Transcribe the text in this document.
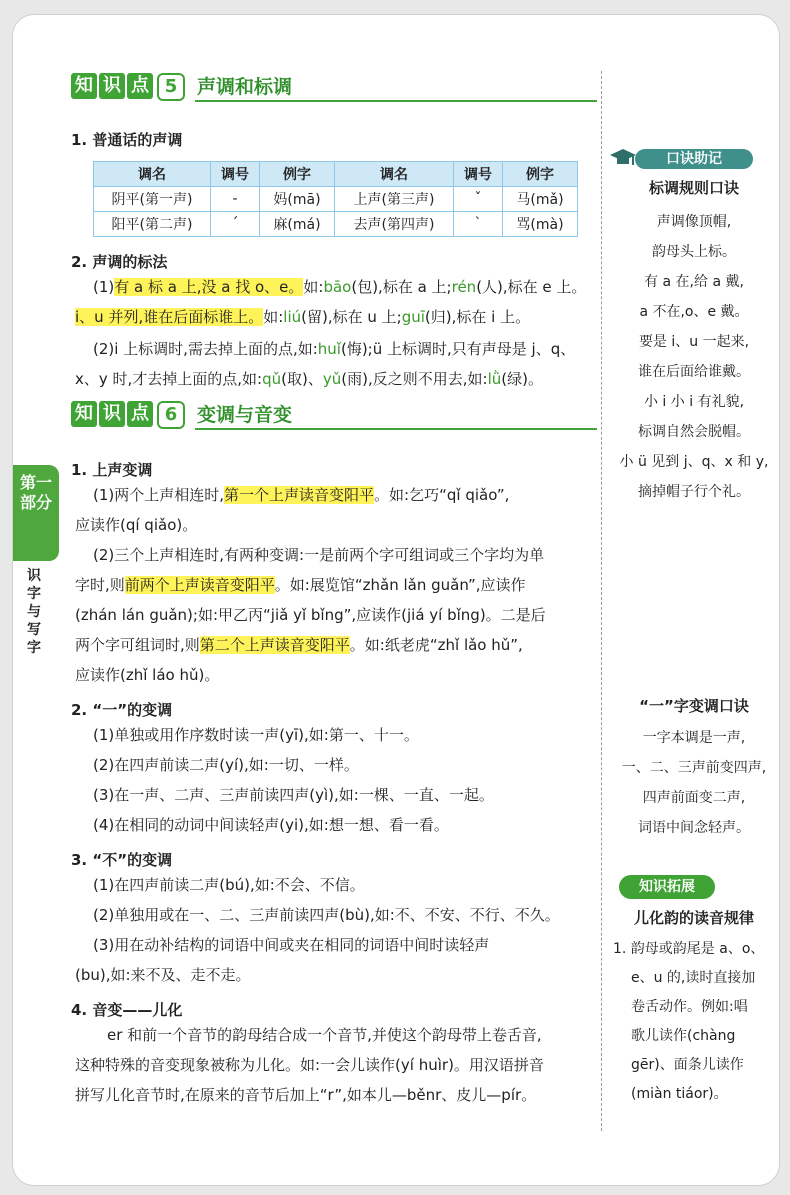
第一部分
识字与写字
知 识 点 5 声调和标调
1. 普通话的声调
调名	调号	例字	调名	调号	例字
阴平(第一声)	-	妈(mā)	上声(第三声)	ˇ	马(mǎ)
阳平(第二声)	ˊ	麻(má)	去声(第四声)	ˋ	骂(mà)
2. 声调的标法
(1)有 a 标 a 上,没 a 找 o、e。如:bāo(包),标在 a 上;rén(人),标在 e 上。
i、u 并列,谁在后面标谁上。如:liú(留),标在 u 上;guī(归),标在 i 上。
(2)i 上标调时,需去掉上面的点,如:huǐ(悔);ü 上标调时,只有声母是 j、q、
x、y 时,才去掉上面的点,如:qǔ(取)、yǔ(雨),反之则不用去,如:lǜ(绿)。
知 识 点 6 变调与音变
1. 上声变调
(1)两个上声相连时,第一个上声读音变阳平。如:乞巧“qǐ qiǎo”,
应读作(qí qiǎo)。
(2)三个上声相连时,有两种变调:一是前两个字可组词或三个字均为单
字时,则前两个上声读音变阳平。如:展览馆“zhǎn lǎn guǎn”,应读作
(zhán lán guǎn);如:甲乙丙“jiǎ yǐ bǐng”,应读作(jiá yí bǐng)。二是后
两个字可组词时,则第二个上声读音变阳平。如:纸老虎“zhǐ lǎo hǔ”,
应读作(zhǐ láo hǔ)。
2. “一”的变调
(1)单独或用作序数时读一声(yī),如:第一、十一。
(2)在四声前读二声(yí),如:一切、一样。
(3)在一声、二声、三声前读四声(yì),如:一棵、一直、一起。
(4)在相同的动词中间读轻声(yi),如:想一想、看一看。
3. “不”的变调
(1)在四声前读二声(bú),如:不会、不信。
(2)单独用或在一、二、三声前读四声(bù),如:不、不安、不行、不久。
(3)用在动补结构的词语中间或夹在相同的词语中间时读轻声
(bu),如:来不及、走不走。
4. 音变——儿化
er 和前一个音节的韵母结合成一个音节,并使这个韵母带上卷舌音,
这种特殊的音变现象被称为儿化。如:一会儿读作(yí huìr)。用汉语拼音
拼写儿化音节时,在原来的音节后加上“r”,如本儿—běnr、皮儿—pír。
口诀助记
标调规则口诀
声调像顶帽,
韵母头上标。
有 a 在,给 a 戴,
a 不在,o、e 戴。
要是 i、u 一起来,
谁在后面给谁戴。
小 i 小 i 有礼貌,
标调自然会脱帽。
小 ü 见到 j、q、x 和 y,
摘掉帽子行个礼。
“一”字变调口诀
一字本调是一声,
一、二、三声前变四声,
四声前面变二声,
词语中间念轻声。
知识拓展
儿化韵的读音规律
1. 韵母或韵尾是 a、o、
e、u 的,读时直接加
卷舌动作。例如:唱
歌儿读作(chàng
gēr)、面条儿读作
(miàn tiáor)。
